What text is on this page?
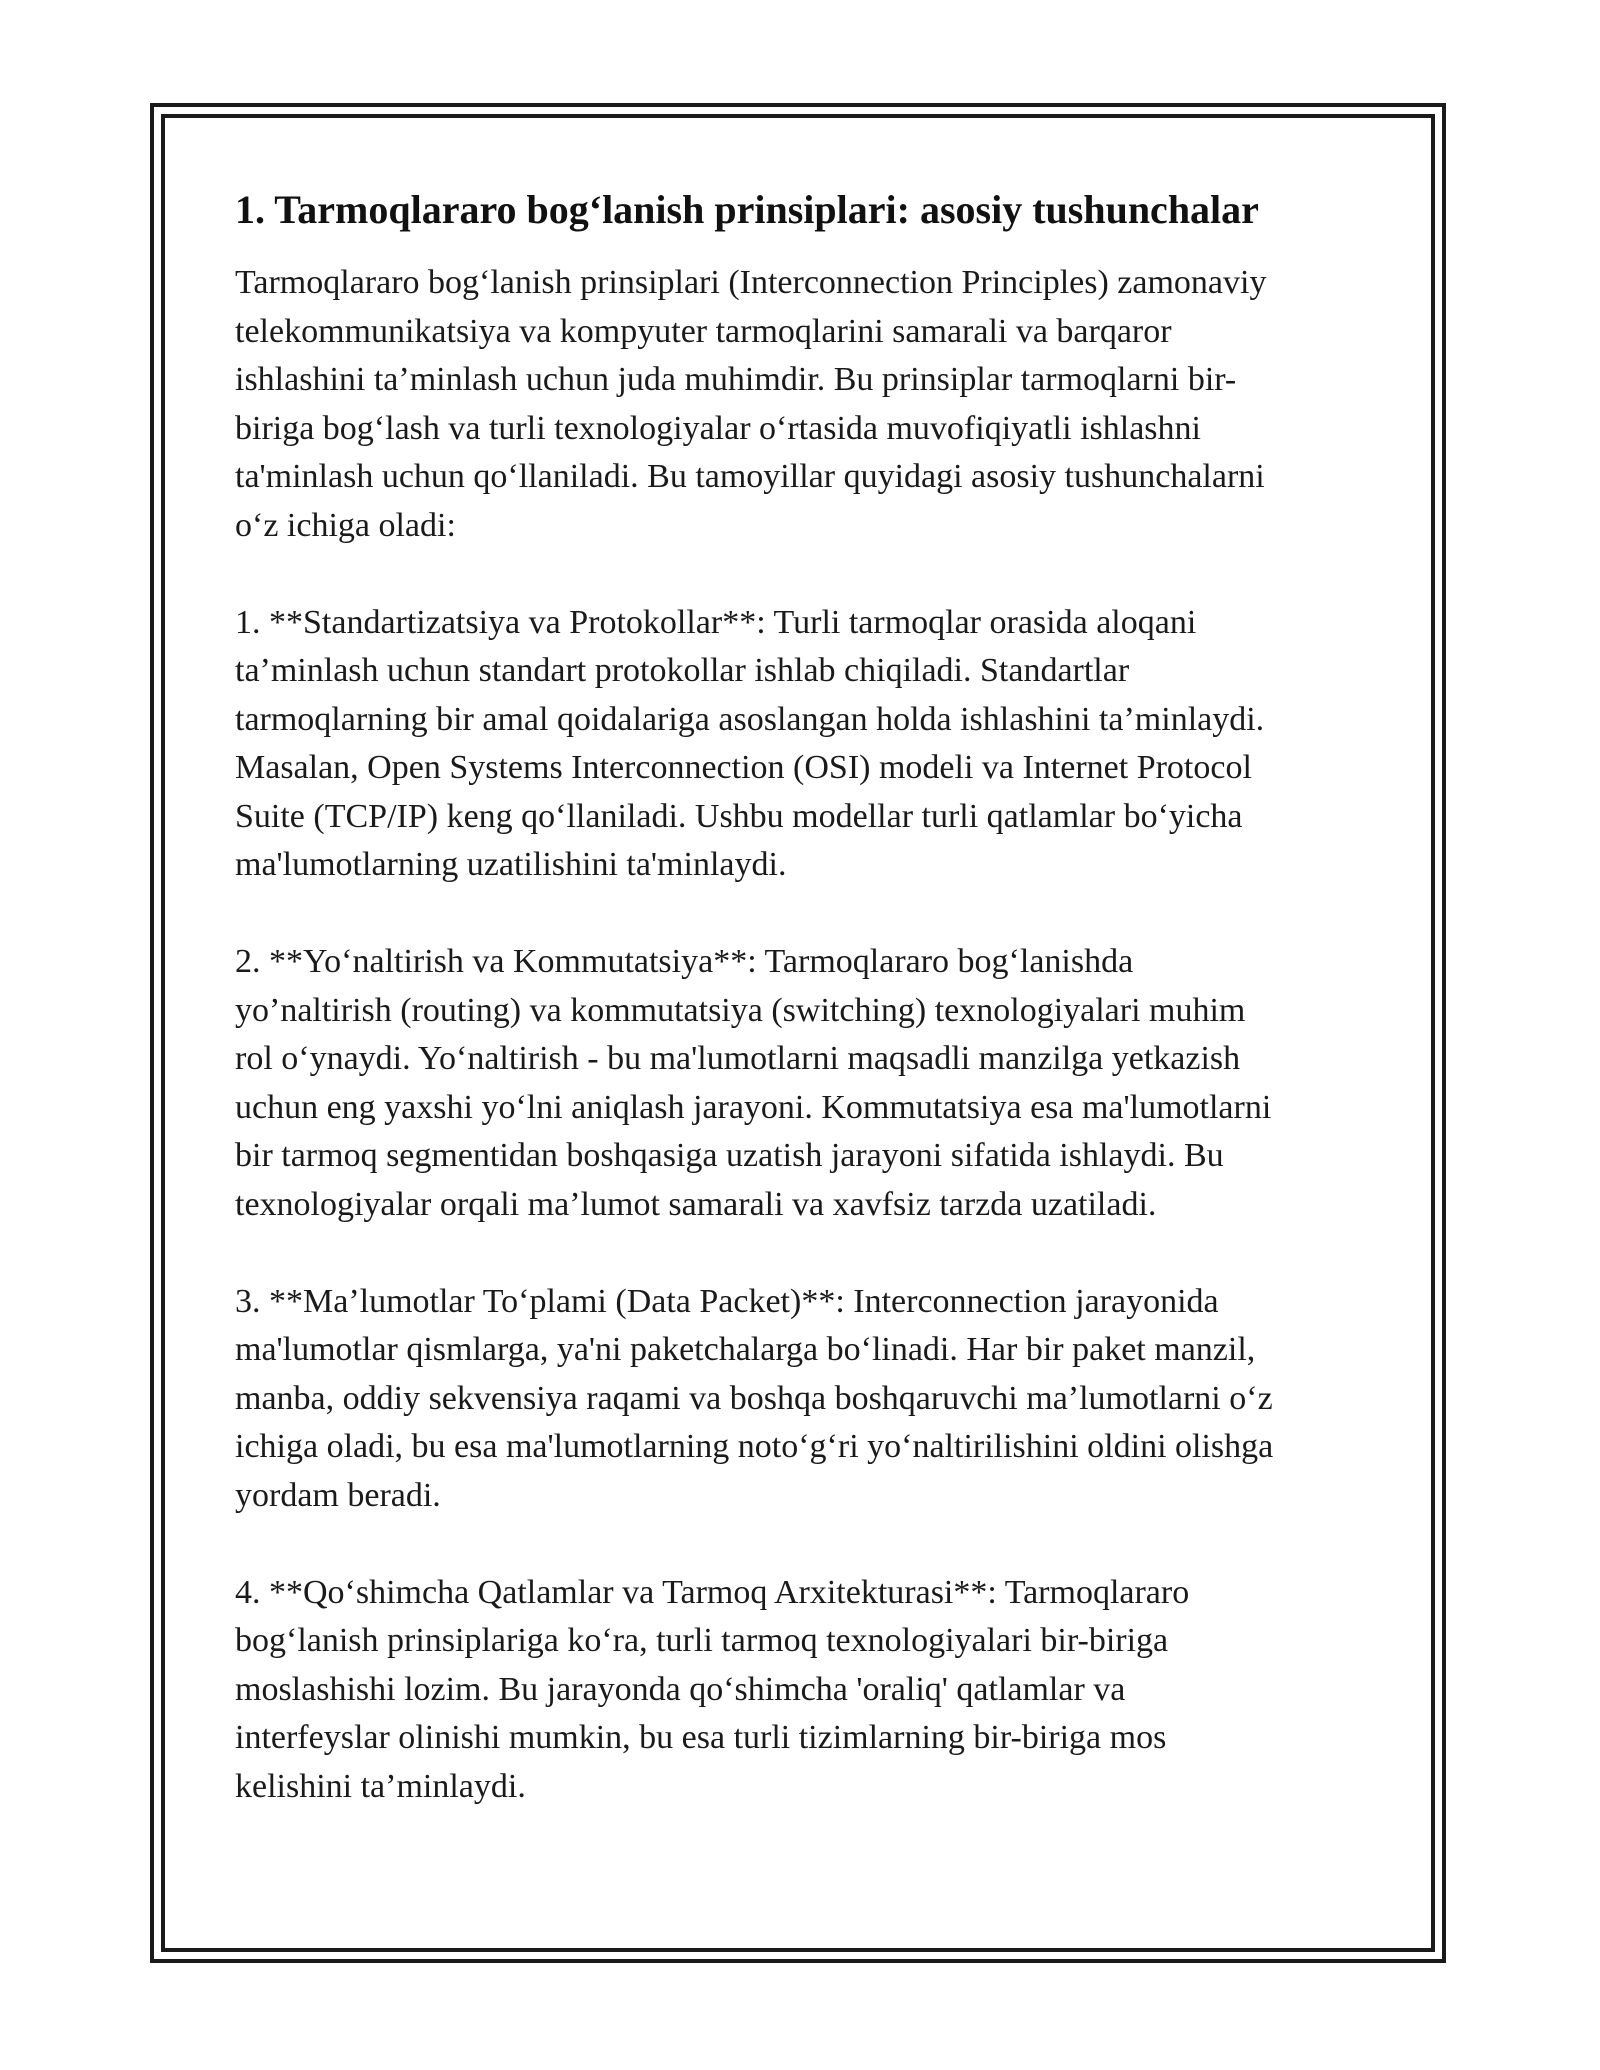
1. Tarmoqlararo bog‘lanish prinsiplari: asosiy tushunchalar

Tarmoqlararo bog‘lanish prinsiplari (Interconnection Principles) zamonaviy
telekommunikatsiya va kompyuter tarmoqlarini samarali va barqaror
ishlashini ta’minlash uchun juda muhimdir. Bu prinsiplar tarmoqlarni bir-
biriga bog‘lash va turli texnologiyalar o‘rtasida muvofiqiyatli ishlashni
ta'minlash uchun qo‘llaniladi. Bu tamoyillar quyidagi asosiy tushunchalarni
o‘z ichiga oladi:

1. **Standartizatsiya va Protokollar**: Turli tarmoqlar orasida aloqani
ta’minlash uchun standart protokollar ishlab chiqiladi. Standartlar
tarmoqlarning bir amal qoidalariga asoslangan holda ishlashini ta’minlaydi.
Masalan, Open Systems Interconnection (OSI) modeli va Internet Protocol
Suite (TCP/IP) keng qo‘llaniladi. Ushbu modellar turli qatlamlar bo‘yicha
ma'lumotlarning uzatilishini ta'minlaydi.

2. **Yo‘naltirish va Kommutatsiya**: Tarmoqlararo bog‘lanishda
yo’naltirish (routing) va kommutatsiya (switching) texnologiyalari muhim
rol o‘ynaydi. Yo‘naltirish - bu ma'lumotlarni maqsadli manzilga yetkazish
uchun eng yaxshi yo‘lni aniqlash jarayoni. Kommutatsiya esa ma'lumotlarni
bir tarmoq segmentidan boshqasiga uzatish jarayoni sifatida ishlaydi. Bu
texnologiyalar orqali ma’lumot samarali va xavfsiz tarzda uzatiladi.

3. **Ma’lumotlar To‘plami (Data Packet)**: Interconnection jarayonida
ma'lumotlar qismlarga, ya'ni paketchalarga bo‘linadi. Har bir paket manzil,
manba, oddiy sekvensiya raqami va boshqa boshqaruvchi ma’lumotlarni o‘z
ichiga oladi, bu esa ma'lumotlarning noto‘g‘ri yo‘naltirilishini oldini olishga
yordam beradi.

4. **Qo‘shimcha Qatlamlar va Tarmoq Arxitekturasi**: Tarmoqlararo
bog‘lanish prinsiplariga ko‘ra, turli tarmoq texnologiyalari bir-biriga
moslashishi lozim. Bu jarayonda qo‘shimcha 'oraliq' qatlamlar va
interfeyslar olinishi mumkin, bu esa turli tizimlarning bir-biriga mos
kelishini ta’minlaydi.
